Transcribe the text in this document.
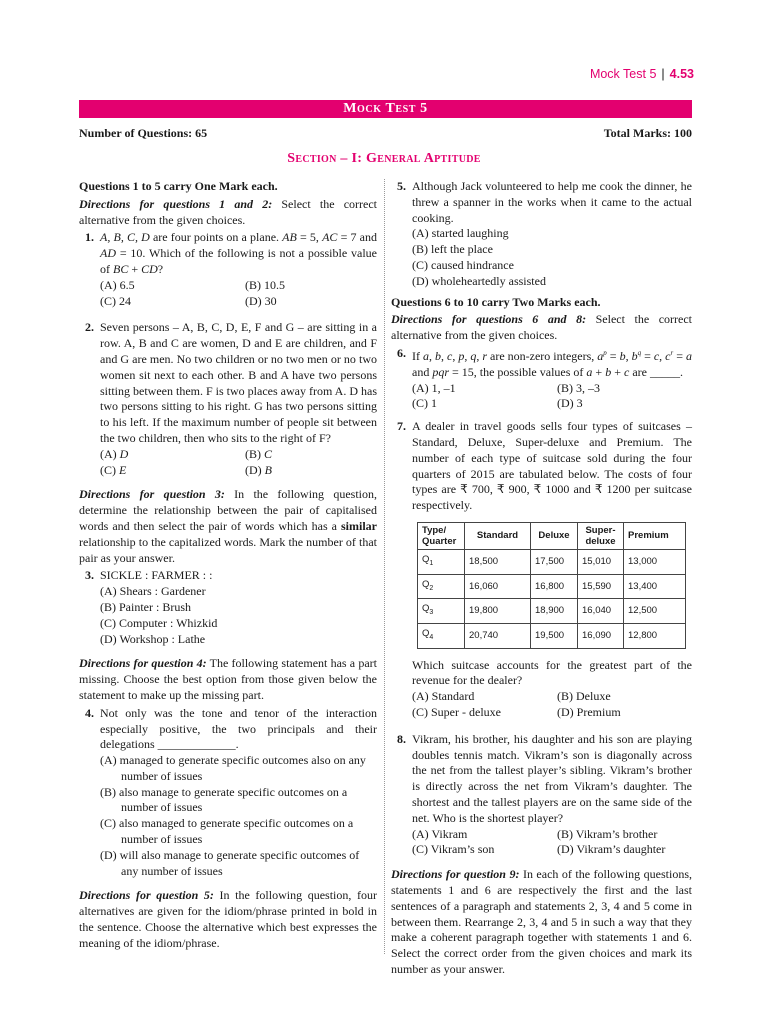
Mock Test 5 | 4.53
Mock Test 5
Number of Questions: 65	Total Marks: 100
Section – I: General Aptitude

Questions 1 to 5 carry One Mark each.

Directions for questions 1 and 2: Select the correct alternative from the given choices.

1. A, B, C, D are four points on a plane. AB = 5, AC = 7 and AD = 10. Which of the following is not a possible value of BC + CD?
(A) 6.5	(B) 10.5
(C) 24	(D) 30
2. Seven persons – A, B, C, D, E, F and G – are sitting in a row. A, B and C are women, D and E are children, and F and G are men. No two children or no two men or no two women sit next to each other. B and A have two persons sitting between them. F is two places away from A. D has two persons sitting to his right. G has two persons sitting to his left. If the maximum number of people sit between the two children, then who sits to the right of F?
(A) D	(B) C
(C) E	(D) B

Directions for question 3: In the following question, determine the relationship between the pair of capitalised words and then select the pair of words which has a similar relationship to the capitalized words. Mark the number of that pair as your answer.

3. SICKLE : FARMER : :
(A) Shears : Gardener
(B) Painter : Brush
(C) Computer : Whizkid
(D) Workshop : Lathe

Directions for question 4: The following statement has a part missing. Choose the best option from those given below the statement to make up the missing part.

4. Not only was the tone and tenor of the interaction especially positive, the two principals and their delegations _____________.
(A) managed to generate specific outcomes also on any number of issues
(B) also manage to generate specific outcomes on a number of issues
(C) also managed to generate specific outcomes on a number of issues
(D) will also manage to generate specific outcomes of any number of issues

Directions for question 5: In the following question, four alternatives are given for the idiom/phrase printed in bold in the sentence. Choose the alternative which best expresses the meaning of the idiom/phrase.

5. Although Jack volunteered to help me cook the dinner, he threw a spanner in the works when it came to the actual cooking.
(A) started laughing
(B) left the place
(C) caused hindrance
(D) wholeheartedly assisted

Questions 6 to 10 carry Two Marks each.

Directions for questions 6 and 8: Select the correct alternative from the given choices.

6. If a, b, c, p, q, r are non-zero integers, $a^p = b$, $b^q = c$, $c^r = a$ and pqr = 15, the possible values of a + b + c are _____.
(A) 1, –1	(B) 3, –3
(C) 1	(D) 3
7. A dealer in travel goods sells four types of suitcases – Standard, Deluxe, Super-deluxe and Premium. The number of each type of suitcase sold during the four quarters of 2015 are tabulated below. The costs of four types are ₹ 700, ₹ 900, ₹ 1000 and ₹ 1200 per suitcase respectively.
Type/ Quarter	Standard	Deluxe	Super-deluxe	Premium
$Q_1$	18,500	17,500	15,010	13,000
$Q_2$	16,060	16,800	15,590	13,400
$Q_3$	19,800	18,900	16,040	12,500
$Q_4$	20,740	19,500	16,090	12,800

Which suitcase accounts for the greatest part of the revenue for the dealer?

(A) Standard	(B) Deluxe
(C) Super - deluxe	(D) Premium
8. Vikram, his brother, his daughter and his son are playing doubles tennis match. Vikram’s son is diagonally across the net from the tallest player’s sibling. Vikram’s brother is directly across the net from Vikram’s daughter. The shortest and the tallest players are on the same side of the net. Who is the shortest player?
(A) Vikram	(B) Vikram’s brother
(C) Vikram’s son	(D) Vikram’s daughter

Directions for question 9: In each of the following questions, statements 1 and 6 are respectively the first and the last sentences of a paragraph and statements 2, 3, 4 and 5 come in between them. Rearrange 2, 3, 4 and 5 in such a way that they make a coherent paragraph together with statements 1 and 6. Select the correct order from the given choices and mark its number as your answer.
